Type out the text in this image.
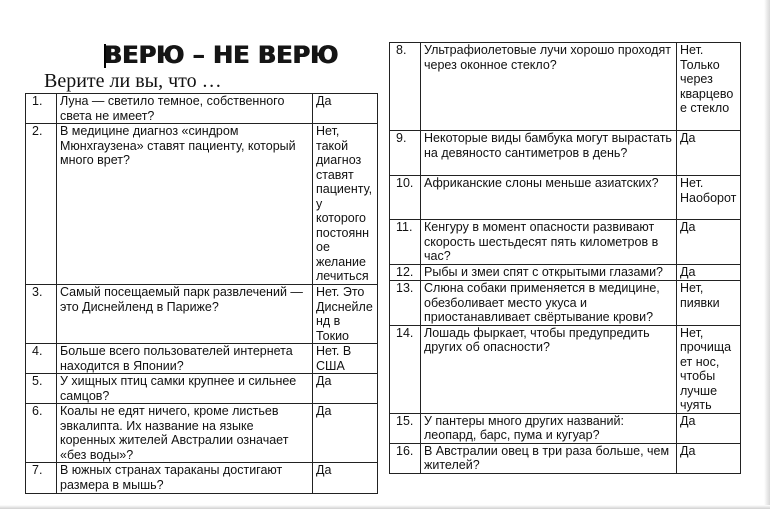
ВЕРЮ – НЕ ВЕРЮ
Верите ли вы, что …
1.	Луна — светило темное, собственного света не имеет?	Да
2.	В медицине диагноз «синдром Мюнхгаузена» ставят пациенту, который много врет?	Нет, такой диагноз ставят пациенту, у которого постоянное желание лечиться
3.	Самый посещаемый парк развлечений — это Диснейленд в Париже?	Нет. Это Диснейленд в Токио
4.	Больше всего пользователей интернета находится в Японии?	Нет. В США
5.	У хищных птиц самки крупнее и сильнее самцов?	Да
6.	Коалы не едят ничего, кроме листьев эвкалипта. Их название на языке коренных жителей Австралии означает «без воды»?	Да
7.	В южных странах тараканы достигают размера в мышь?	Да
8.	Ультрафиолетовые лучи хорошо проходят через оконное стекло?	Нет. Только через кварцевое стекло
9.	Некоторые виды бамбука могут вырастать на девяносто сантиметров в день?	Да
10.	Африканские слоны меньше азиатских?	Нет. Наоборот
11.	Кенгуру в момент опасности развивают скорость шестьдесят пять километров в час?	Да
12.	Рыбы и змеи спят с открытыми глазами?	Да
13.	Слюна собаки применяется в медицине, обезболивает место укуса и приостанавливает свёртывание крови?	Нет, пиявки
14.	Лошадь фыркает, чтобы предупредить других об опасности?	Нет, прочищает нос, чтобы лучше чуять
15.	У пантеры много других названий: леопард, барс, пума и кугуар?	Да
16.	В Австралии овец в три раза больше, чем жителей?	Да
